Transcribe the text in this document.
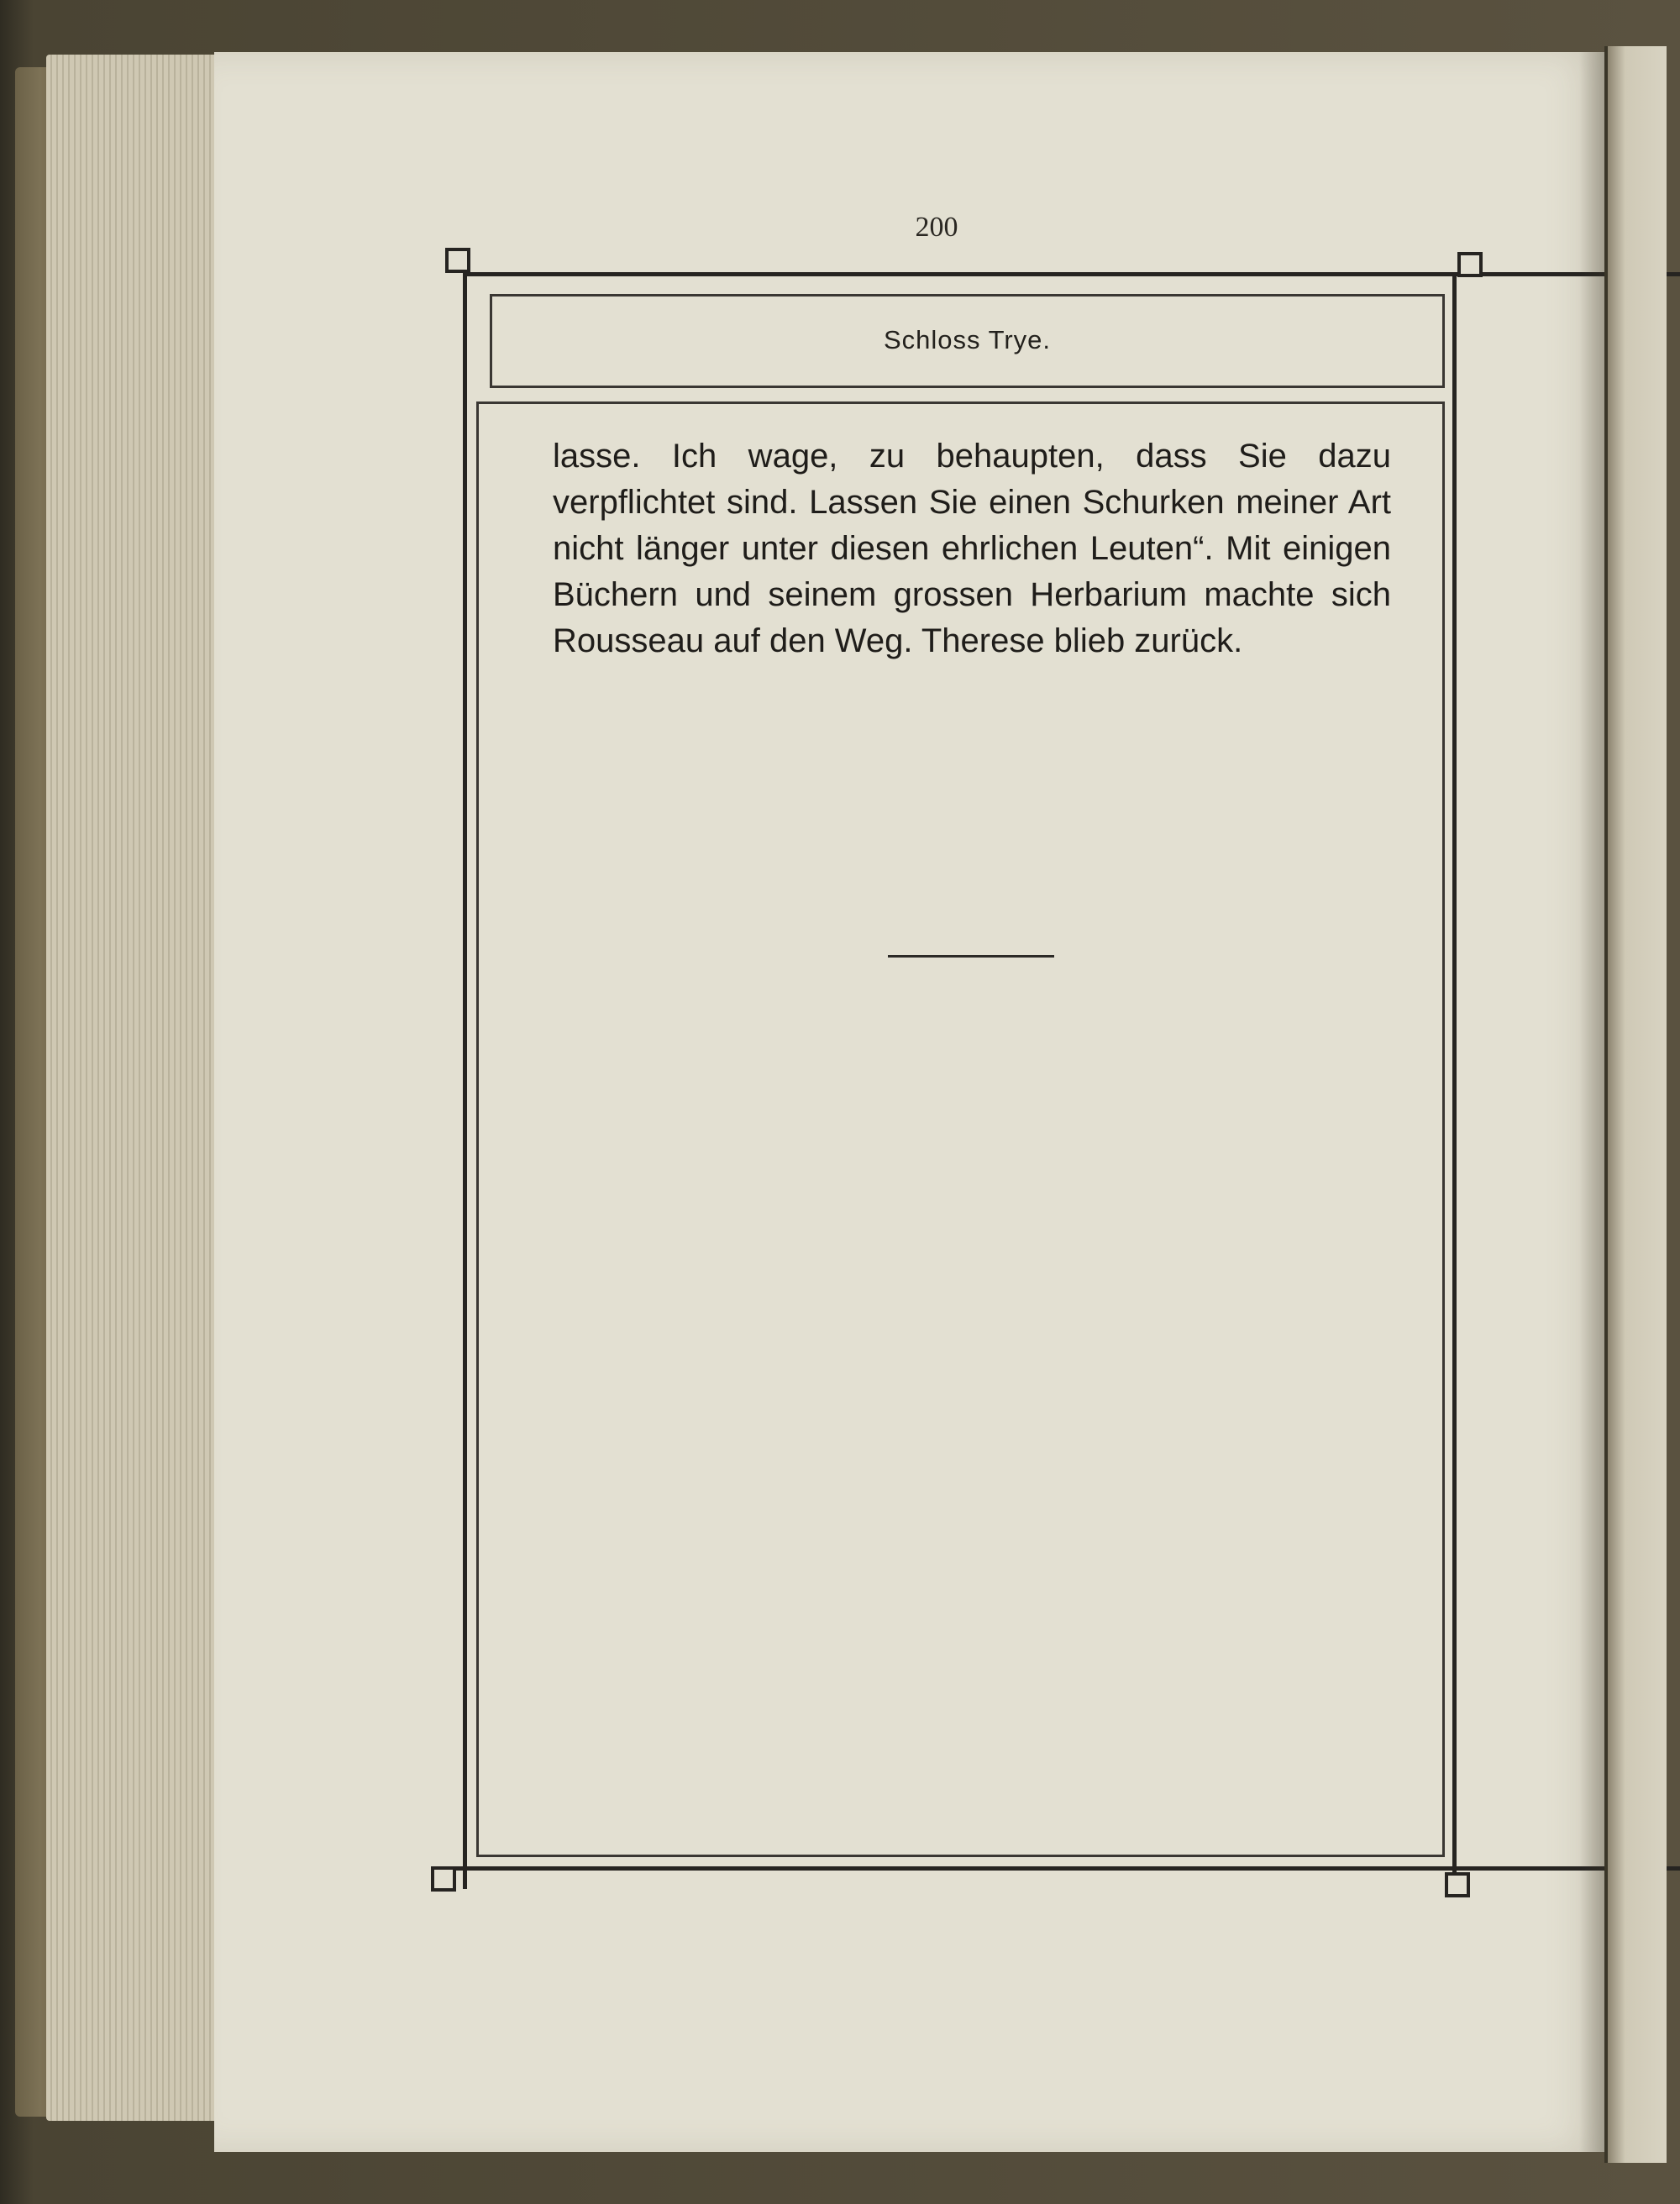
200
Schloss Trye.

lasse. Ich wage, zu behaupten, dass Sie dazu verpflichtet sind. Lassen Sie einen Schurken meiner Art nicht länger unter diesen ehrlichen Leuten“. Mit einigen Büchern und seinem grossen Herbarium machte sich Rousseau auf den Weg. Therese blieb zurück.
